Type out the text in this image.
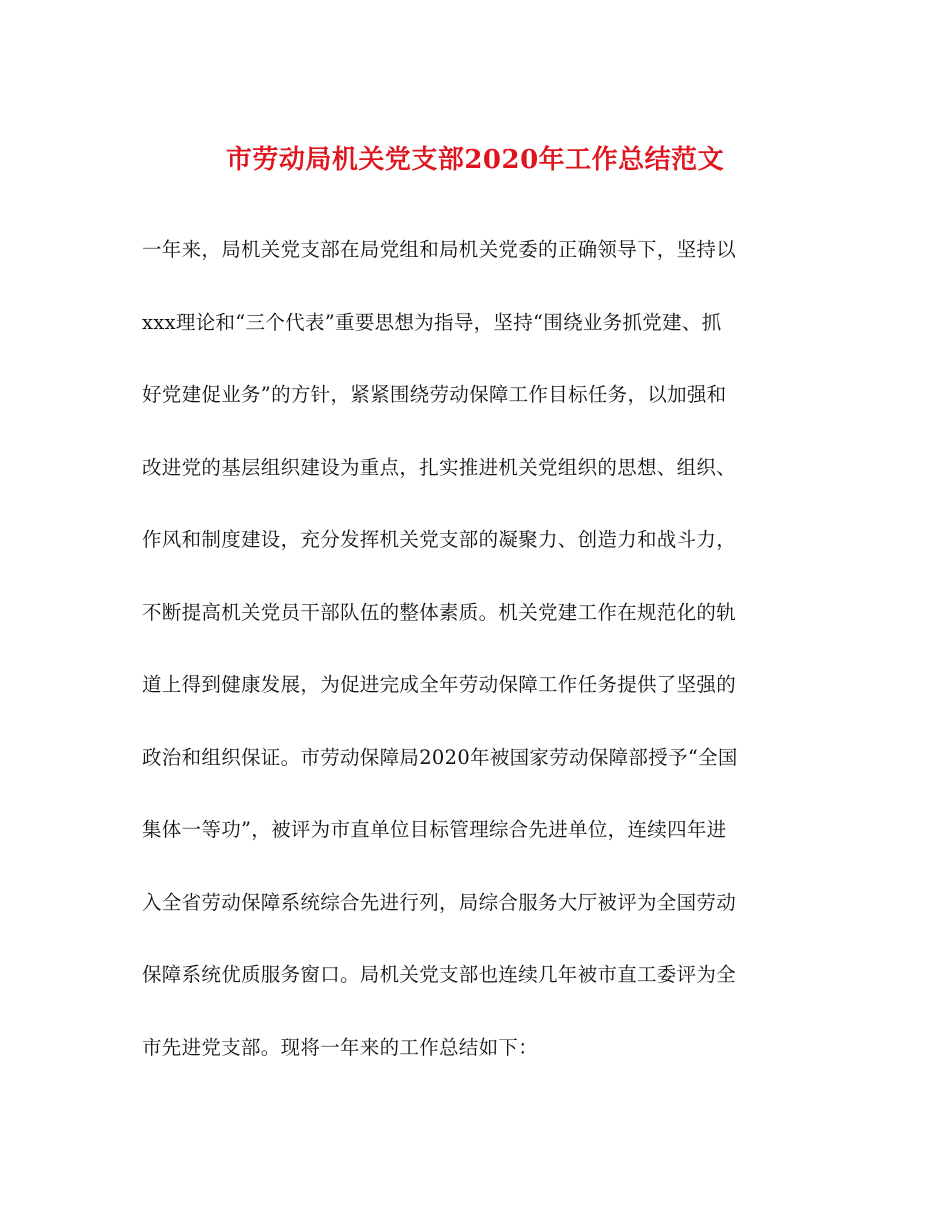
市劳动局机关党支部2020年工作总结范文
一年来，局机关党支部在局党组和局机关党委的正确领导下，坚持以
xxx理论和“三个代表”重要思想为指导，坚持“围绕业务抓党建、抓
好党建促业务”的方针，紧紧围绕劳动保障工作目标任务，以加强和
改进党的基层组织建设为重点，扎实推进机关党组织的思想、组织、
作风和制度建设，充分发挥机关党支部的凝聚力、创造力和战斗力，
不断提高机关党员干部队伍的整体素质。机关党建工作在规范化的轨
道上得到健康发展，为促进完成全年劳动保障工作任务提供了坚强的
政治和组织保证。市劳动保障局2020年被国家劳动保障部授予“全国
集体一等功”，被评为市直单位目标管理综合先进单位，连续四年进
入全省劳动保障系统综合先进行列，局综合服务大厅被评为全国劳动
保障系统优质服务窗口。局机关党支部也连续几年被市直工委评为全
市先进党支部。现将一年来的工作总结如下：
